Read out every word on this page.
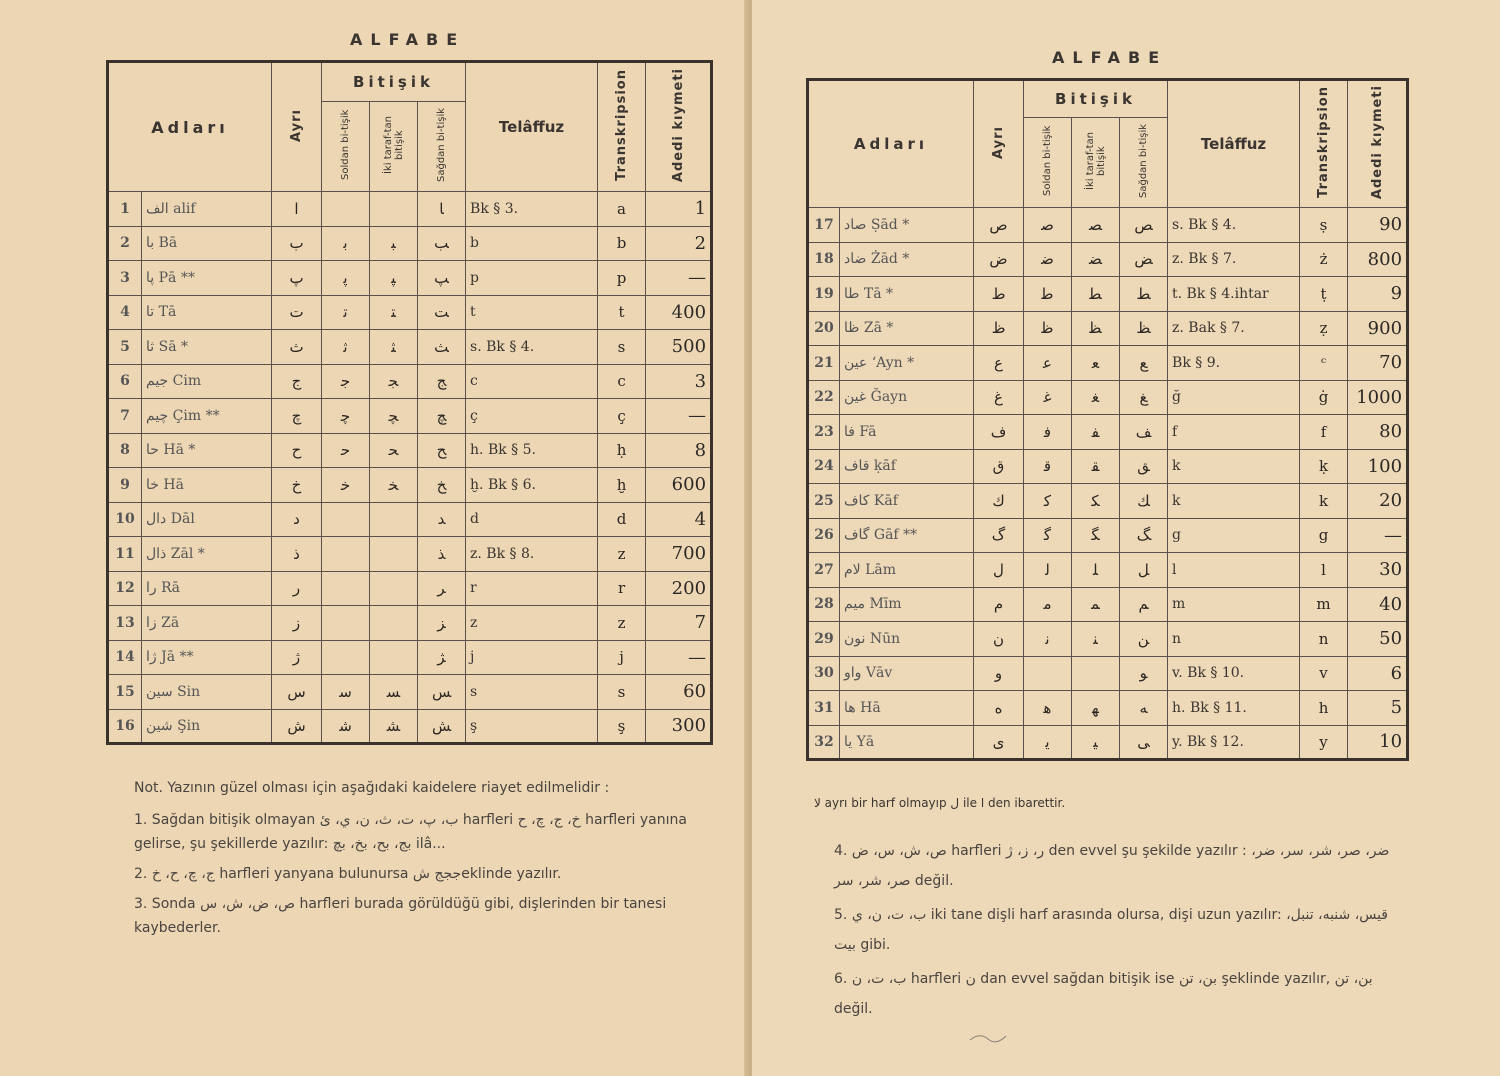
ALFABE
Adları		Ayrı	Bitişik			Telâffuz	Transkripsion	Adedi kıymeti
			Soldan bi-tişik	İki taraf-tan bitişik	Sağdan bi-tişik			
1	الف alif	ا			ﺎ	Bk § 3.	a	1
2	با Bā	ب	ﺑ	ﺒ	ﺐ	b	b	2
3	پا Pā **	پ	ﭘ	ﭙ	ﭗ	p	p	—
4	تا Tā	ت	ﺗ	ﺘ	ﺖ	t	t	400
5	ثا Sā *	ث	ﺛ	ﺜ	ﺚ	s. Bk § 4.	s	500
6	جيم Cim	ج	ﺟ	ﺠ	ﺞ	c	c	3
7	چيم Çim **	چ	ﭼ	ﭽ	ﭻ	ç	ç	—
8	حا Hā *	ح	ﺣ	ﺤ	ﺢ	h. Bk § 5.	ḥ	8
9	خا Hā	خ	ﺧ	ﺨ	ﺦ	ḫ. Bk § 6.	ḫ	600
10	دال Dāl	د			ﺪ	d	d	4
11	ذال Zāl *	ذ			ﺬ	z. Bk § 8.	z	700
12	را Rā	ر			ﺮ	r	r	200
13	زا Zā	ز			ﺰ	z	z	7
14	ژا Jā **	ژ			ﮋ	j	j	—
15	سين Sin	س	ﺳ	ﺴ	ﺲ	s	s	60
16	شين Şin	ش	ﺷ	ﺸ	ﺶ	ş	ş	300

Not. Yazının güzel olması için aşağıdaki kaidelere riayet edilmelidir :

1. Sağdan bitişik olmayan ب، پ، ت، ث، ن، ي، ئ harfleri خ، ج، چ، ح harfleri yanına gelirse, şu şekillerde yazılır: بج، بح، بخ، بچ ilâ...

2. ج، چ، ح، خ harfleri yanyana bulunursa ججج شeklinde yazılır.

3. Sonda ص، ض، ش، س harfleri burada görüldüğü gibi, dişlerinden bir tanesi kaybederler.

ALFABE
Adları		Ayrı	Bitişik			Telâffuz	Transkripsion	Adedi kıymeti
			Soldan bi-tişik	İki taraf-tan bitişik	Sağdan bi-tişik			
17	صاد Ṣād *	ص	ﺻ	ﺼ	ﺺ	s. Bk § 4.	ṣ	90
18	ضاد Żād *	ض	ﺿ	ﻀ	ﺾ	z. Bk § 7.	ż	800
19	طا Tā *	ط	ﻃ	ﻄ	ﻂ	t. Bk § 4.ihtar	ṭ	9
20	ظا Zā *	ظ	ﻇ	ﻈ	ﻆ	z. Bak § 7.	ẓ	900
21	عين ‘Ayn *	ع	ﻋ	ﻌ	ﻊ	Bk § 9.	ᶜ	70
22	غين Ğayn	غ	ﻏ	ﻐ	ﻎ	ğ	ġ	1000
23	فا Fā	ف	ﻓ	ﻔ	ﻒ	f	f	80
24	قاف ḳāf	ق	ﻗ	ﻘ	ﻖ	k	ḳ	100
25	كاف Kāf	ك	ﻛ	ﻜ	ﻚ	k	k	20
26	گاف Gāf **	گ	ﮔ	ﮕ	ﮓ	g	g	—
27	لام Lām	ل	ﻟ	ﻠ	ﻞ	l	l	30
28	ميم Mīm	م	ﻣ	ﻤ	ﻢ	m	m	40
29	نون Nūn	ن	ﻧ	ﻨ	ﻦ	n	n	50
30	واو Vāv	و			ﻮ	v. Bk § 10.	v	6
31	ها Hā	ه	ﻫ	ﻬ	ﻪ	h. Bk § 11.	h	5
32	يا Yā	ى	ﻳ	ﻴ	ﻰ	y. Bk § 12.	y	10
لا ayrı bir harf olmayıp ل ile ا den ibarettir.

4. ص، ش، س، ض harfleri ر، ز، ژ den evvel şu şekilde yazılır : ضر، صر، شر، سر، ضر، صر، شر، سر değil.

5. ب، ت، ن، ي iki tane dişli harf arasında olursa, dişi uzun yazılır: قيس، شنبه، تنبل، بيت gibi.

6. ب، ت، ن harfleri ن dan evvel sağdan bitişik ise بن، تن şeklinde yazılır, بن، تن değil.
